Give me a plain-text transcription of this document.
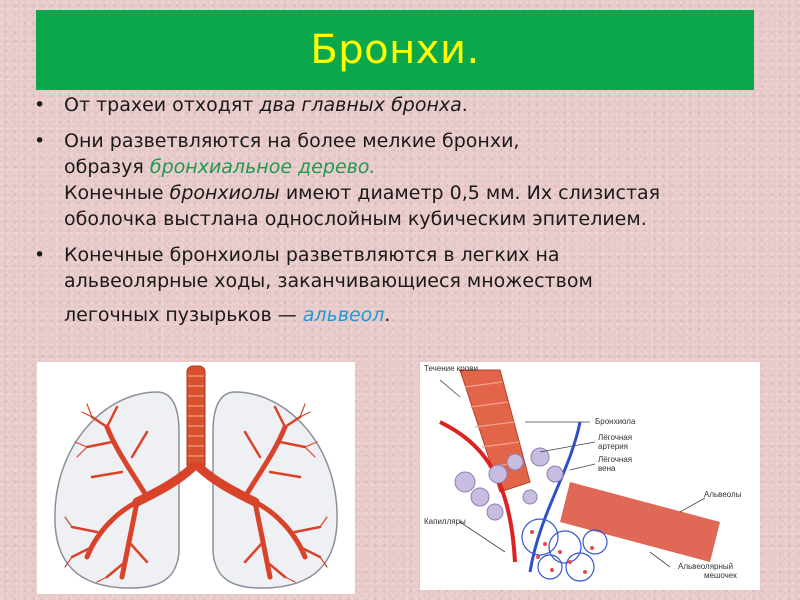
Бронхи.
• От трахеи отходят два главных бронха.
• Они разветвляются на более мелкие бронхи,
образуя бронхиальное дерево.
Конечные бронхиолы имеют диаметр 0,5 мм. Их слизистая
оболочка выстлана однослойным кубическим эпителием.
• Конечные бронхиолы разветвляются в легких на
альвеолярные ходы, заканчивающиеся множеством

легочных пузырьков — альвеол.
Течение крови
Бронхиола
Лёгочная
артерия
Лёгочная
вена
Альвеолы
Капилляры
Альвеолярный
мешочек
